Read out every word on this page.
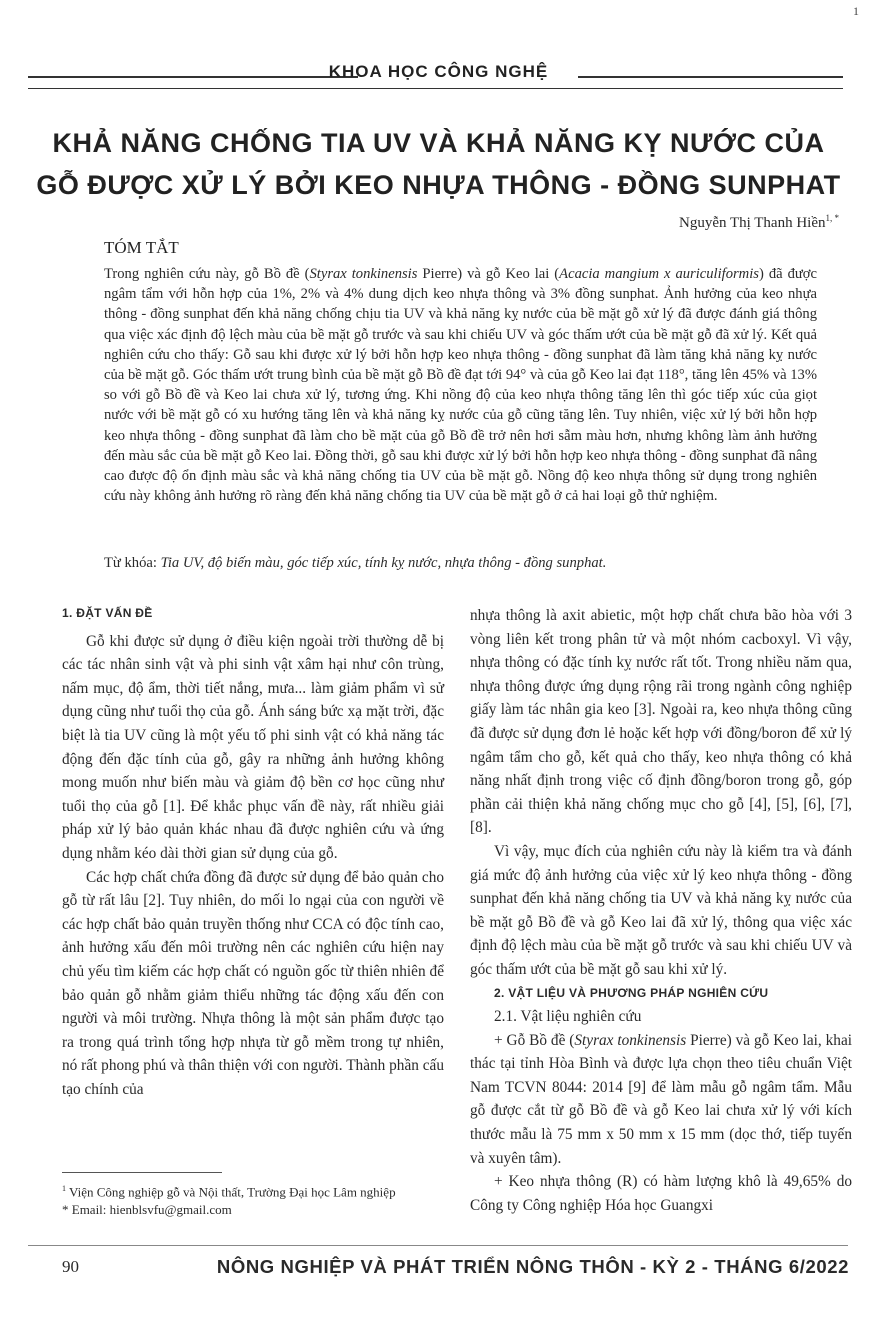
1
KHOA HỌC CÔNG NGHỆ
KHẢ NĂNG CHỐNG TIA UV VÀ KHẢ NĂNG KỴ NƯỚC CỦA
GỖ ĐƯỢC XỬ LÝ BỞI KEO NHỰA THÔNG - ĐỒNG SUNPHAT
Nguyễn Thị Thanh Hiền$^{1, *}$
TÓM TẮT
Trong nghiên cứu này, gỗ Bồ đề (Styrax tonkinensis Pierre) và gỗ Keo lai (Acacia mangium x auriculiformis) đã được ngâm tẩm với hỗn hợp của 1%, 2% và 4% dung dịch keo nhựa thông và 3% đồng sunphat. Ảnh hưởng của keo nhựa thông - đồng sunphat đến khả năng chống chịu tia UV và khả năng kỵ nước của bề mặt gỗ xử lý đã được đánh giá thông qua việc xác định độ lệch màu của bề mặt gỗ trước và sau khi chiếu UV và góc thấm ướt của bề mặt gỗ đã xử lý. Kết quả nghiên cứu cho thấy: Gỗ sau khi được xử lý bởi hỗn hợp keo nhựa thông - đồng sunphat đã làm tăng khả năng kỵ nước của bề mặt gỗ. Góc thấm ướt trung bình của bề mặt gỗ Bồ đề đạt tới 94° và của gỗ Keo lai đạt 118°, tăng lên 45% và 13% so với gỗ Bồ đề và Keo lai chưa xử lý, tương ứng. Khi nồng độ của keo nhựa thông tăng lên thì góc tiếp xúc của giọt nước với bề mặt gỗ có xu hướng tăng lên và khả năng kỵ nước của gỗ cũng tăng lên. Tuy nhiên, việc xử lý bởi hỗn hợp keo nhựa thông - đồng sunphat đã làm cho bề mặt của gỗ Bồ đề trở nên hơi sẫm màu hơn, nhưng không làm ảnh hưởng đến màu sắc của bề mặt gỗ Keo lai. Đồng thời, gỗ sau khi được xử lý bởi hỗn hợp keo nhựa thông - đồng sunphat đã nâng cao được độ ổn định màu sắc và khả năng chống tia UV của bề mặt gỗ. Nồng độ keo nhựa thông sử dụng trong nghiên cứu này không ảnh hưởng rõ ràng đến khả năng chống tia UV của bề mặt gỗ ở cả hai loại gỗ thử nghiệm.
Từ khóa: Tia UV, độ biến màu, góc tiếp xúc, tính kỵ nước, nhựa thông - đồng sunphat.

1. ĐẶT VẤN ĐỀ

Gỗ khi được sử dụng ở điều kiện ngoài trời thường dễ bị các tác nhân sinh vật và phi sinh vật xâm hại như côn trùng, nấm mục, độ ẩm, thời tiết nắng, mưa... làm giảm phẩm vì sử dụng cũng như tuổi thọ của gỗ. Ánh sáng bức xạ mặt trời, đặc biệt là tia UV cũng là một yếu tố phi sinh vật có khả năng tác động đến đặc tính của gỗ, gây ra những ảnh hưởng không mong muốn như biến màu và giảm độ bền cơ học cũng như tuổi thọ của gỗ [1]. Để khắc phục vấn đề này, rất nhiều giải pháp xử lý bảo quản khác nhau đã được nghiên cứu và ứng dụng nhằm kéo dài thời gian sử dụng của gỗ.

Các hợp chất chứa đồng đã được sử dụng để bảo quản cho gỗ từ rất lâu [2]. Tuy nhiên, do mối lo ngại của con người về các hợp chất bảo quản truyền thống như CCA có độc tính cao, ảnh hưởng xấu đến môi trường nên các nghiên cứu hiện nay chủ yếu tìm kiếm các hợp chất có nguồn gốc từ thiên nhiên để bảo quản gỗ nhằm giảm thiểu những tác động xấu đến con người và môi trường. Nhựa thông là một sản phẩm được tạo ra trong quá trình tổng hợp nhựa từ gỗ mềm trong tự nhiên, nó rất phong phú và thân thiện với con người. Thành phần cấu tạo chính của

nhựa thông là axit abietic, một hợp chất chưa bão hòa với 3 vòng liên kết trong phân tử và một nhóm cacboxyl. Vì vậy, nhựa thông có đặc tính kỵ nước rất tốt. Trong nhiều năm qua, nhựa thông được ứng dụng rộng rãi trong ngành công nghiệp giấy làm tác nhân gia keo [3]. Ngoài ra, keo nhựa thông cũng đã được sử dụng đơn lẻ hoặc kết hợp với đồng/boron để xử lý ngâm tẩm cho gỗ, kết quả cho thấy, keo nhựa thông có khả năng nhất định trong việc cố định đồng/boron trong gỗ, góp phần cải thiện khả năng chống mục cho gỗ [4], [5], [6], [7], [8].

Vì vậy, mục đích của nghiên cứu này là kiểm tra và đánh giá mức độ ảnh hưởng của việc xử lý keo nhựa thông - đồng sunphat đến khả năng chống tia UV và khả năng kỵ nước của bề mặt gỗ Bồ đề và gỗ Keo lai đã xử lý, thông qua việc xác định độ lệch màu của bề mặt gỗ trước và sau khi chiếu UV và góc thấm ướt của bề mặt gỗ sau khi xử lý.

2. VẬT LIỆU VÀ PHƯƠNG PHÁP NGHIÊN CỨU

2.1. Vật liệu nghiên cứu

+ Gỗ Bồ đề (Styrax tonkinensis Pierre) và gỗ Keo lai, khai thác tại tỉnh Hòa Bình và được lựa chọn theo tiêu chuẩn Việt Nam TCVN 8044: 2014 [9] để làm mẫu gỗ ngâm tẩm. Mẫu gỗ được cắt từ gỗ Bồ đề và gỗ Keo lai chưa xử lý với kích thước mẫu là 75 mm x 50 mm x 15 mm (dọc thớ, tiếp tuyến và xuyên tâm).

+ Keo nhựa thông (R) có hàm lượng khô là 49,65% do Công ty Công nghiệp Hóa học Guangxi

$^1$ Viện Công nghiệp gỗ và Nội thất, Trường Đại học Lâm nghiệp
* Email: hienblsvfu@gmail.com
90	NÔNG NGHIỆP VÀ PHÁT TRIỂN NÔNG THÔN - KỲ 2 - THÁNG 6/2022
